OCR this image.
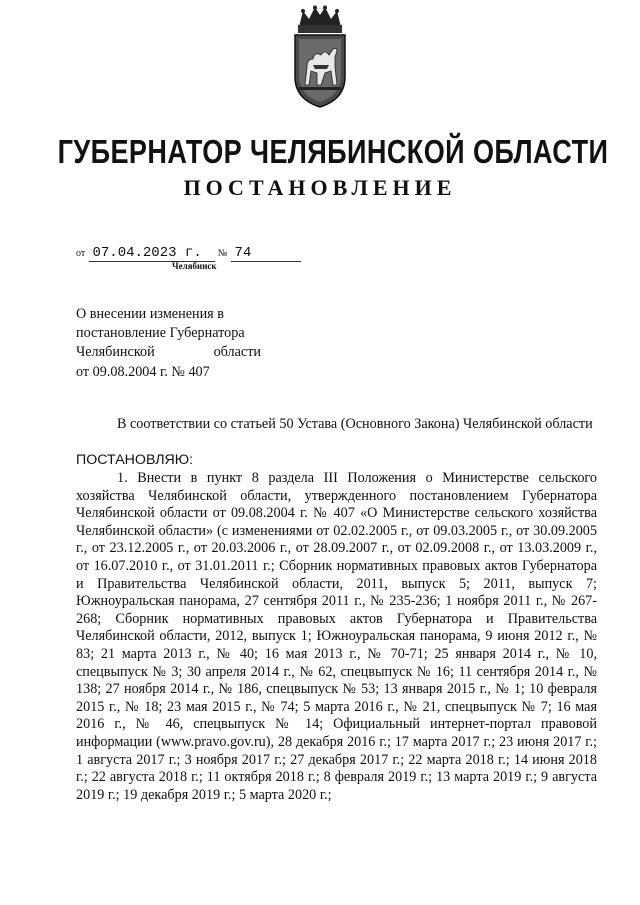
ГУБЕРНАТОР ЧЕЛЯБИНСКОЙ ОБЛАСТИ
ПОСТАНОВЛЕНИЕ
от 07.04.2023 г. № 74
Челябинск
О внесении изменения в
постановление Губернатора
Челябинской	области
от 09.08.2004 г. № 407
В соответствии со статьей 50 Устава (Основного Закона) Челябинской области
ПОСТАНОВЛЯЮ:
1. Внести в пункт 8 раздела III Положения о Министерстве сельского хозяйства Челябинской области, утвержденного постановлением Губернатора Челябинской области от 09.08.2004 г. № 407 «О Министерстве сельского хозяйства Челябинской области» (с изменениями от 02.02.2005 г., от 09.03.2005 г., от 30.09.2005 г., от 23.12.2005 г., от 20.03.2006 г., от 28.09.2007 г., от 02.09.2008 г., от 13.03.2009 г., от 16.07.2010 г., от 31.01.2011 г.; Сборник нормативных правовых актов Губернатора и Правительства Челябинской области, 2011, выпуск 5; 2011, выпуск 7; Южноуральская панорама, 27 сентября 2011 г., № 235-236; 1 ноября 2011 г., № 267-268; Сборник нормативных правовых актов Губернатора и Правительства Челябинской области, 2012, выпуск 1; Южноуральская панорама, 9 июня 2012 г., № 83; 21 марта 2013 г., № 40; 16 мая 2013 г., № 70-71; 25 января 2014 г., № 10, спецвыпуск № 3; 30 апреля 2014 г., № 62, спецвыпуск № 16; 11 сентября 2014 г., № 138; 27 ноября 2014 г., № 186, спецвыпуск № 53; 13 января 2015 г., № 1; 10 февраля 2015 г., № 18; 23 мая 2015 г., № 74; 5 марта 2016 г., № 21, спецвыпуск № 7; 16 мая 2016 г., № 46, спецвыпуск № 14; Официальный интернет-портал правовой информации (www.pravo.gov.ru), 28 декабря 2016 г.; 17 марта 2017 г.; 23 июня 2017 г.; 1 августа 2017 г.; 3 ноября 2017 г.; 27 декабря 2017 г.; 22 марта 2018 г.; 14 июня 2018 г.; 22 августа 2018 г.; 11 октября 2018 г.; 8 февраля 2019 г.; 13 марта 2019 г.; 9 августа 2019 г.; 19 декабря 2019 г.; 5 марта 2020 г.;
